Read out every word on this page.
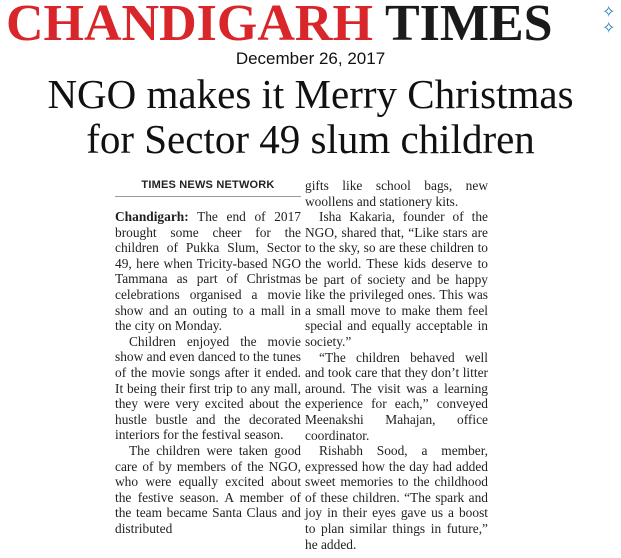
CHANDIGARH TIMES	✧
✧
December 26, 2017
NGO makes it Merry Christmas
for Sector 49 slum children
TIMES NEWS NETWORK

Chandigarh: The end of 2017 brought some cheer for the children of Pukka Slum, Sector 49, here when Tricity-based NGO Tammana as part of Christmas celebrations organised a movie show and an outing to a mall in the city on Monday.

Children enjoyed the movie show and even danced to the tunes of the movie songs after it ended. It being their first trip to any mall, they were very excited about the hustle bustle and the decorated interiors for the festival season.

The children were taken good care of by members of the NGO, who were equally excited about the festive season. A member of the team became Santa Claus and distributed

gifts like school bags, new woollens and stationery kits.

Isha Kakaria, founder of the NGO, shared that, “Like stars are to the sky, so are these children to the world. These kids deserve to be part of society and be happy like the privileged ones. This was a small move to make them feel special and equally acceptable in society.”

“The children behaved well and took care that they don’t litter around. The visit was a learning experience for each,” conveyed Meenakshi Mahajan, office coordinator.

Rishabh Sood, a member, expressed how the day had added sweet memories to the childhood of these children. “The spark and joy in their eyes gave us a boost to plan similar things in future,” he added.
